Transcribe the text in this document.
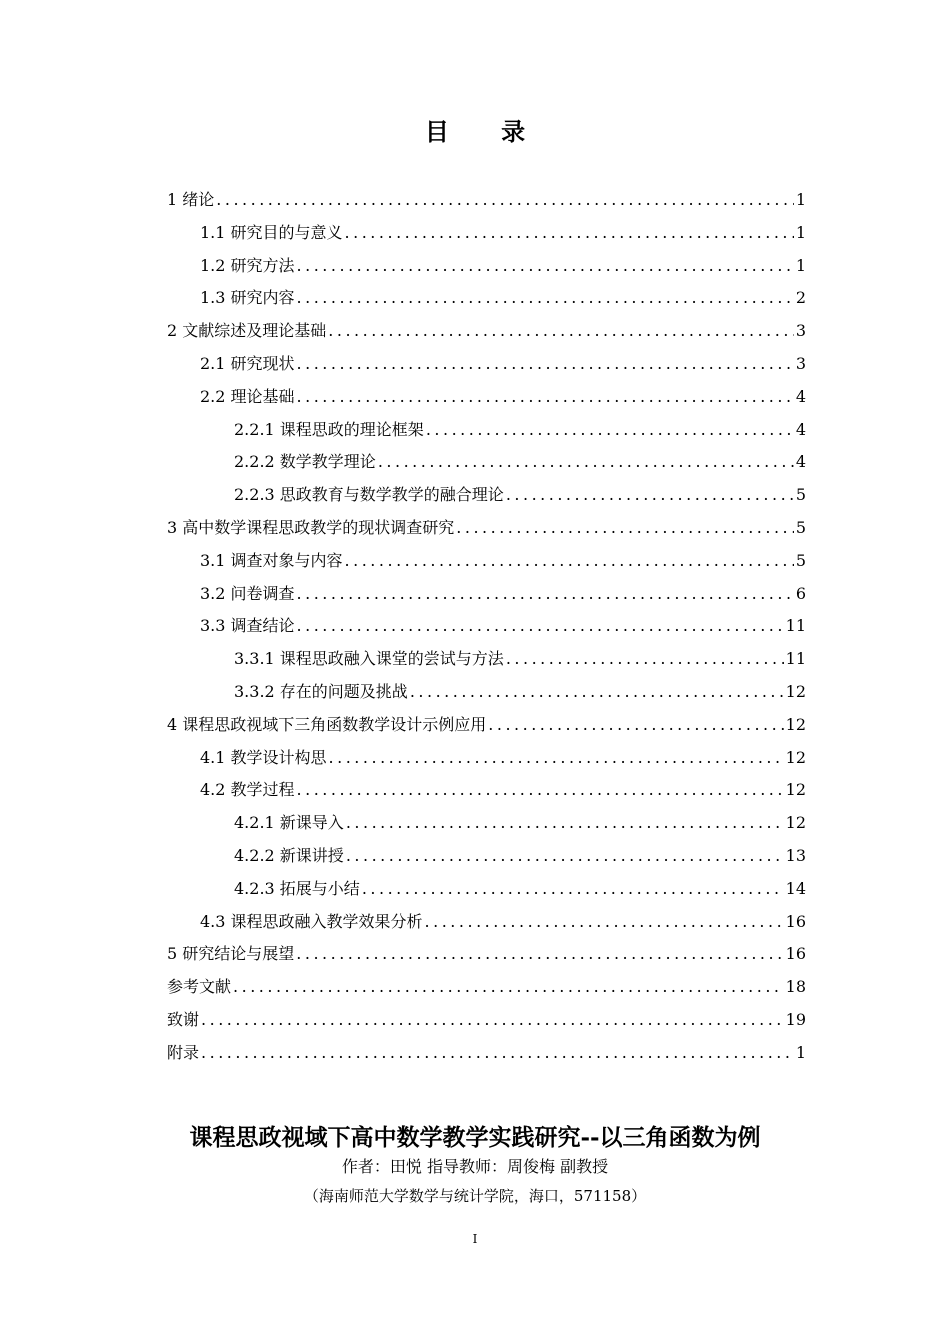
目 录
1 绪论 .....	1
1.1 研究目的与意义 .....	1
1.2 研究方法 .....	1
1.3 研究内容 .....	2
2 文献综述及理论基础 .....	3
2.1 研究现状 .....	3
2.2 理论基础 .....	4
2.2.1 课程思政的理论框架 .....	4
2.2.2 数学教学理论 .....	4
2.2.3 思政教育与数学教学的融合理论 .....	5
3 高中数学课程思政教学的现状调查研究 .....	5
3.1 调查对象与内容 .....	5
3.2 问卷调查 .....	6
3.3 调查结论 .....	11
3.3.1 课程思政融入课堂的尝试与方法 .....	11
3.3.2 存在的问题及挑战 .....	12
4 课程思政视域下三角函数教学设计示例应用 .....	12
4.1 教学设计构思 .....	12
4.2 教学过程 .....	12
4.2.1 新课导入 .....	12
4.2.2 新课讲授 .....	13
4.2.3 拓展与小结 .....	14
4.3 课程思政融入教学效果分析 .....	16
5 研究结论与展望 .....	16
参考文献 .....	18
致谢 .....	19
附录 .....	1
课程思政视域下高中数学教学实践研究--以三角函数为例
作者：田悦 指导教师：周俊梅 副教授
（海南师范大学数学与统计学院，海口，571158）
I
